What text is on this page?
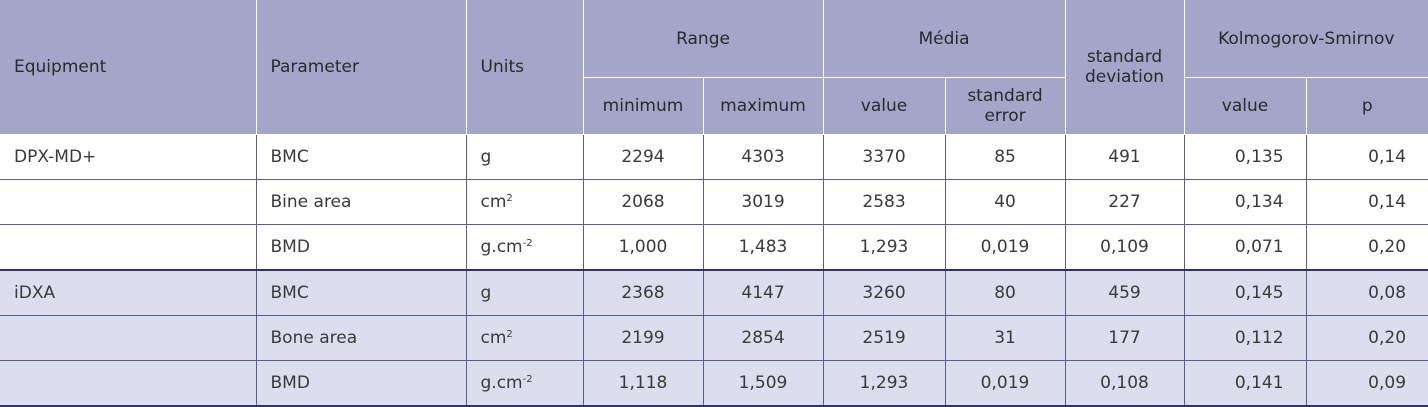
Equipment	Parameter	Units	Range		Média		standard deviation	Kolmogorov-Smirnov	
			minimum	maximum	value	standard error		value	p
DPX-MD+	BMC	g	2294	4303	3370	85	491	0,135	0,14
	Bine area	$cm^2$	2068	3019	2583	40	227	0,134	0,14
	BMD	$g.cm^{-2}$	1,000	1,483	1,293	0,019	0,109	0,071	0,20
iDXA	BMC	g	2368	4147	3260	80	459	0,145	0,08
	Bone area	$cm^2$	2199	2854	2519	31	177	0,112	0,20
	BMD	$g.cm^{-2}$	1,118	1,509	1,293	0,019	0,108	0,141	0,09
